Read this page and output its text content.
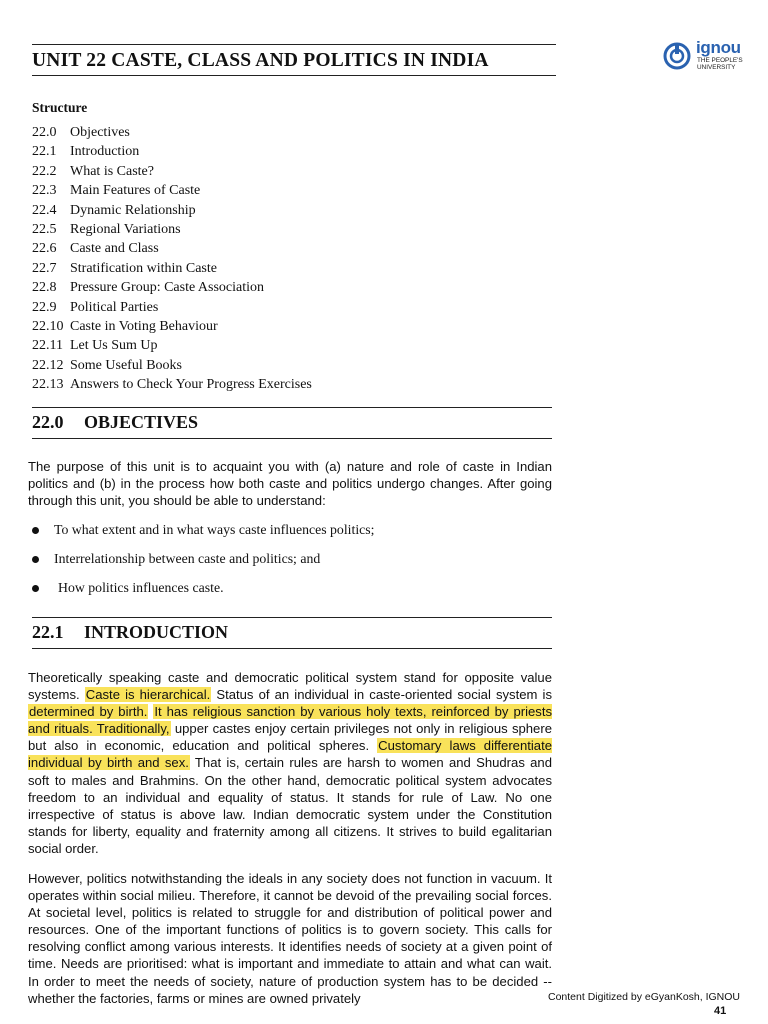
UNIT 22 CASTE, CLASS AND POLITICS IN INDIA
ignou
THE PEOPLE'S
UNIVERSITY
Structure
22.0 Objectives
22.1 Introduction
22.2 What is Caste?
22.3 Main Features of Caste
22.4 Dynamic Relationship
22.5 Regional Variations
22.6 Caste and Class
22.7 Stratification within Caste
22.8 Pressure Group: Caste Association
22.9 Political Parties
22.10 Caste in Voting Behaviour
22.11 Let Us Sum Up
22.12 Some Useful Books
22.13 Answers to Check Your Progress Exercises
22.0 OBJECTIVES

The purpose of this unit is to acquaint you with (a) nature and role of caste in Indian politics and (b) in the process how both caste and politics undergo changes. After going through this unit, you should be able to understand:

To what extent and in what ways caste influences politics;
Interrelationship between caste and politics; and
How politics influences caste.
22.1 INTRODUCTION

Theoretically speaking caste and democratic political system stand for opposite value systems. Caste is hierarchical. Status of an individual in caste-oriented social system is determined by birth. It has religious sanction by various holy texts, reinforced by priests and rituals. Traditionally, upper castes enjoy certain privileges not only in religious sphere but also in economic, education and political spheres. Customary laws differentiate individual by birth and sex. That is, certain rules are harsh to women and Shudras and soft to males and Brahmins. On the other hand, democratic political system advocates freedom to an individual and equality of status. It stands for rule of Law. No one irrespective of status is above law. Indian democratic system under the Constitution stands for liberty, equality and fraternity among all citizens. It strives to build egalitarian social order.

However, politics notwithstanding the ideals in any society does not function in vacuum. It operates within social milieu. Therefore, it cannot be devoid of the prevailing social forces. At societal level, politics is related to struggle for and distribution of political power and resources. One of the important functions of politics is to govern society. This calls for resolving conflict among various interests. It identifies needs of society at a given point of time. Needs are prioritised: what is important and immediate to attain and what can wait. In order to meet the needs of society, nature of production system has to be decided -- whether the factories, farms or mines are owned privately	Content Digitized by eGyanKosh, IGNOU
41
